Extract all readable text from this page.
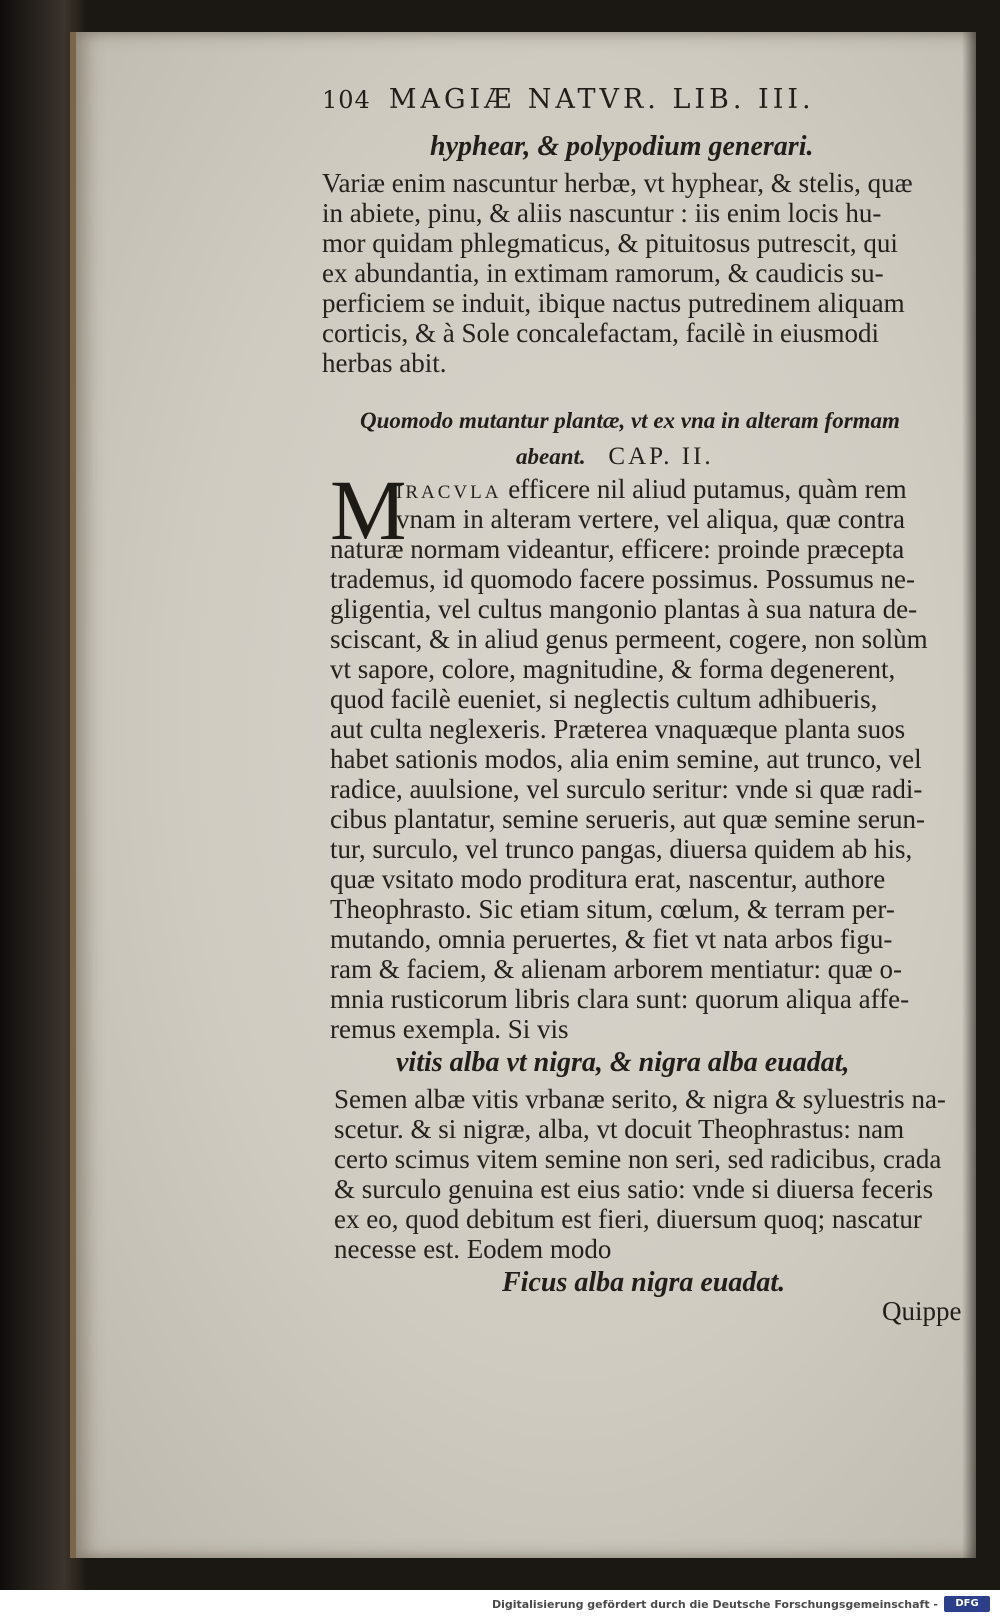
104 MAGIÆ NATVR. LIB. III.
hyphear, & polypodium generari.
Variæ enim nascuntur herbæ, vt hyphear, & stelis, quæ
in abiete, pinu, & aliis nascuntur : iis enim locis hu-
mor quidam phlegmaticus, & pituitosus putrescit, qui
ex abundantia, in extimam ramorum, & caudicis su-
perficiem se induit, ibique nactus putredinem aliquam
corticis, & à Sole concalefactam, facilè in eiusmodi
herbas abit.
Quomodo mutantur plantæ, vt ex vna in alteram formam
abeant. CAP. II.
M
IRACVLA efficere nil aliud putamus, quàm rem
vnam in alteram vertere, vel aliqua, quæ contra
naturæ normam videantur, efficere: proinde præcepta
trademus, id quomodo facere possimus. Possumus ne-
gligentia, vel cultus mangonio plantas à sua natura de-
sciscant, & in aliud genus permeent, cogere, non solùm
vt sapore, colore, magnitudine, & forma degenerent,
quod facilè eueniet, si neglectis cultum adhibueris,
aut culta neglexeris. Præterea vnaquæque planta suos
habet sationis modos, alia enim semine, aut trunco, vel
radice, auulsione, vel surculo seritur: vnde si quæ radi-
cibus plantatur, semine serueris, aut quæ semine serun-
tur, surculo, vel trunco pangas, diuersa quidem ab his,
quæ vsitato modo proditura erat, nascentur, authore
Theophrasto. Sic etiam situm, cœlum, & terram per-
mutando, omnia peruertes, & fiet vt nata arbos figu-
ram & faciem, & alienam arborem mentiatur: quæ o-
mnia rusticorum libris clara sunt: quorum aliqua affe-
remus exempla. Si vis
vitis alba vt nigra, & nigra alba euadat,
Semen albæ vitis vrbanæ serito, & nigra & syluestris na-
scetur. & si nigræ, alba, vt docuit Theophrastus: nam
certo scimus vitem semine non seri, sed radicibus, crada
& surculo genuina est eius satio: vnde si diuersa feceris
ex eo, quod debitum est fieri, diuersum quoq; nascatur
necesse est. Eodem modo
Ficus alba nigra euadat.
Quippe
Digitalisierung gefördert durch die Deutsche Forschungsgemeinschaft -	DFG
